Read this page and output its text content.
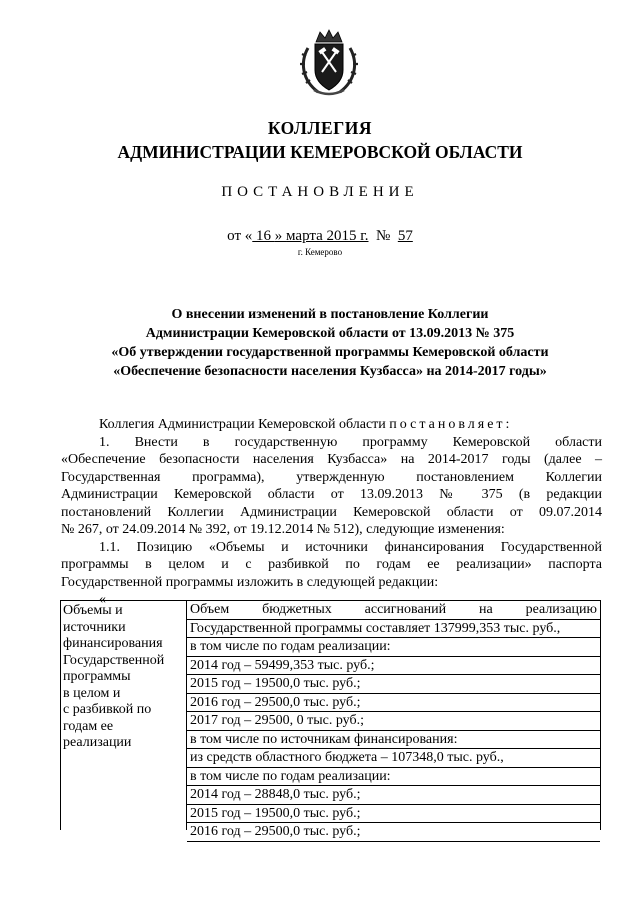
КОЛЛЕГИЯ
АДМИНИСТРАЦИИ КЕМЕРОВСКОЙ ОБЛАСТИ
ПОСТАНОВЛЕНИЕ
от « 16 » марта 2015 г.  №  57
г. Кемерово
О внесении изменений в постановление Коллегии
Администрации Кемеровской области от 13.09.2013 № 375
«Об утверждении государственной программы Кемеровской области
«Обеспечение безопасности населения Кузбасса» на 2014-2017 годы»
Коллегия Администрации Кемеровской области постановляет:
1. Внести в государственную программу Кемеровской области
«Обеспечение безопасности населения Кузбасса» на 2014-2017 годы (далее –
Государственная программа), утвержденную постановлением Коллегии
Администрации Кемеровской области от 13.09.2013 № 375 (в редакции
постановлений Коллегии Администрации Кемеровской области от 09.07.2014
№ 267, от 24.09.2014 № 392, от 19.12.2014 № 512), следующие изменения:
1.1. Позицию «Объемы и источники финансирования Государственной
программы в целом и с разбивкой по годам ее реализации» паспорта
Государственной программы изложить в следующей редакции:
«
Объемы и
источники
финансирования
Государственной
программы
в целом и
с разбивкой по
годам ее
реализации
Объем бюджетных ассигнований на реализацию
Государственной программы составляет 137999,353 тыс. руб.,
в том числе по годам реализации:
2014 год – 59499,353 тыс. руб.;
2015 год – 19500,0 тыс. руб.;
2016 год – 29500,0 тыс. руб.;
2017 год – 29500, 0 тыс. руб.;
в том числе по источникам финансирования:
из средств областного бюджета – 107348,0 тыс. руб.,
в том числе по годам реализации:
2014 год – 28848,0 тыс. руб.;
2015 год – 19500,0 тыс. руб.;
2016 год – 29500,0 тыс. руб.;
